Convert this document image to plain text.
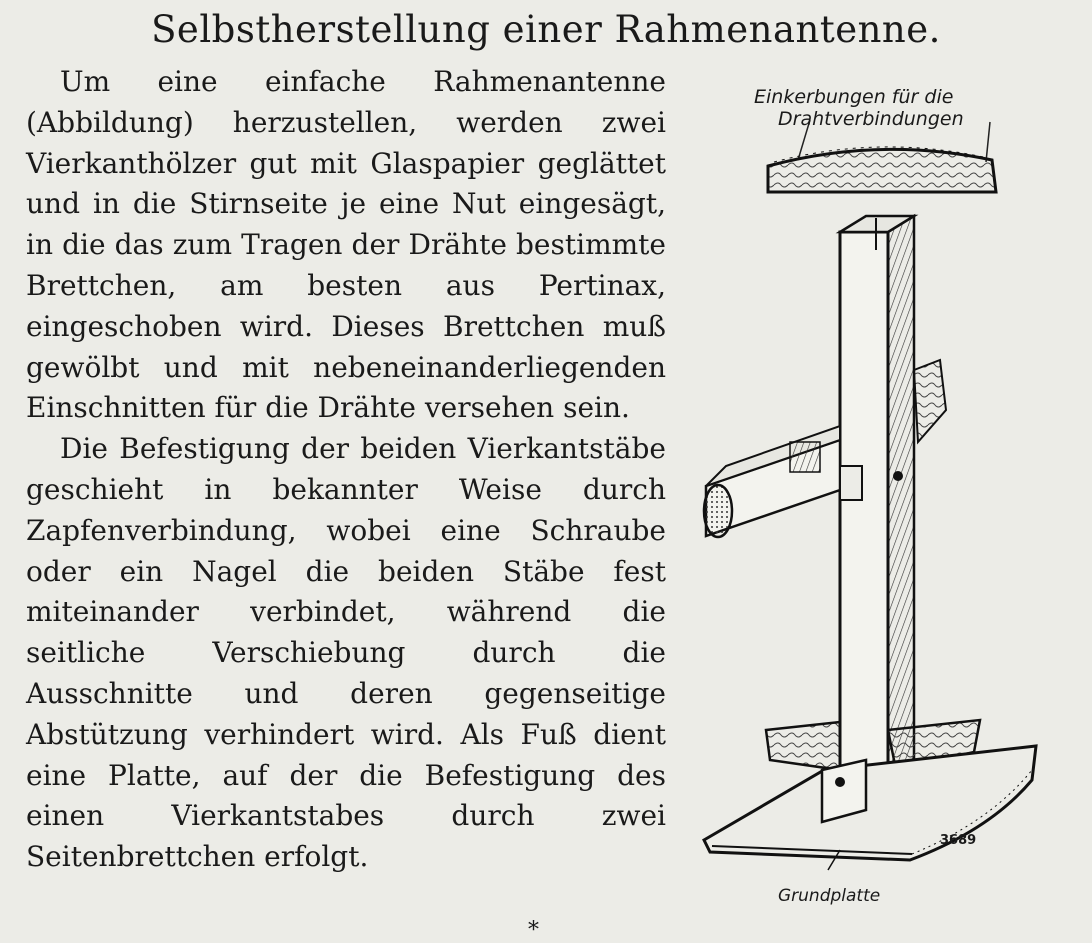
Selbstherstellung einer Rahmenantenne.

Um eine einfache Rahmenantenne (Abbildung) herzustellen, werden zwei Vierkanthölzer gut mit Glaspapier geglättet und in die Stirnseite je eine Nut eingesägt, in die das zum Tragen der Drähte bestimmte Brettchen, am besten aus Pertinax, eingeschoben wird. Dieses Brettchen muß gewölbt und mit nebeneinanderliegenden Einschnitten für die Drähte versehen sein.

Die Befestigung der beiden Vierkantstäbe geschieht in bekannter Weise durch Zapfenverbindung, wobei eine Schraube oder ein Nagel die beiden Stäbe fest miteinander verbindet, während die seitliche Verschiebung durch die Ausschnitte und deren gegenseitige Abstützung verhindert wird. Als Fuß dient eine Platte, auf der die Befestigung des einen Vierkantstabes durch zwei Seitenbrettchen erfolgt.

Einkerbungen für die
Drahtverbindungen
3689
Grundplatte
*
